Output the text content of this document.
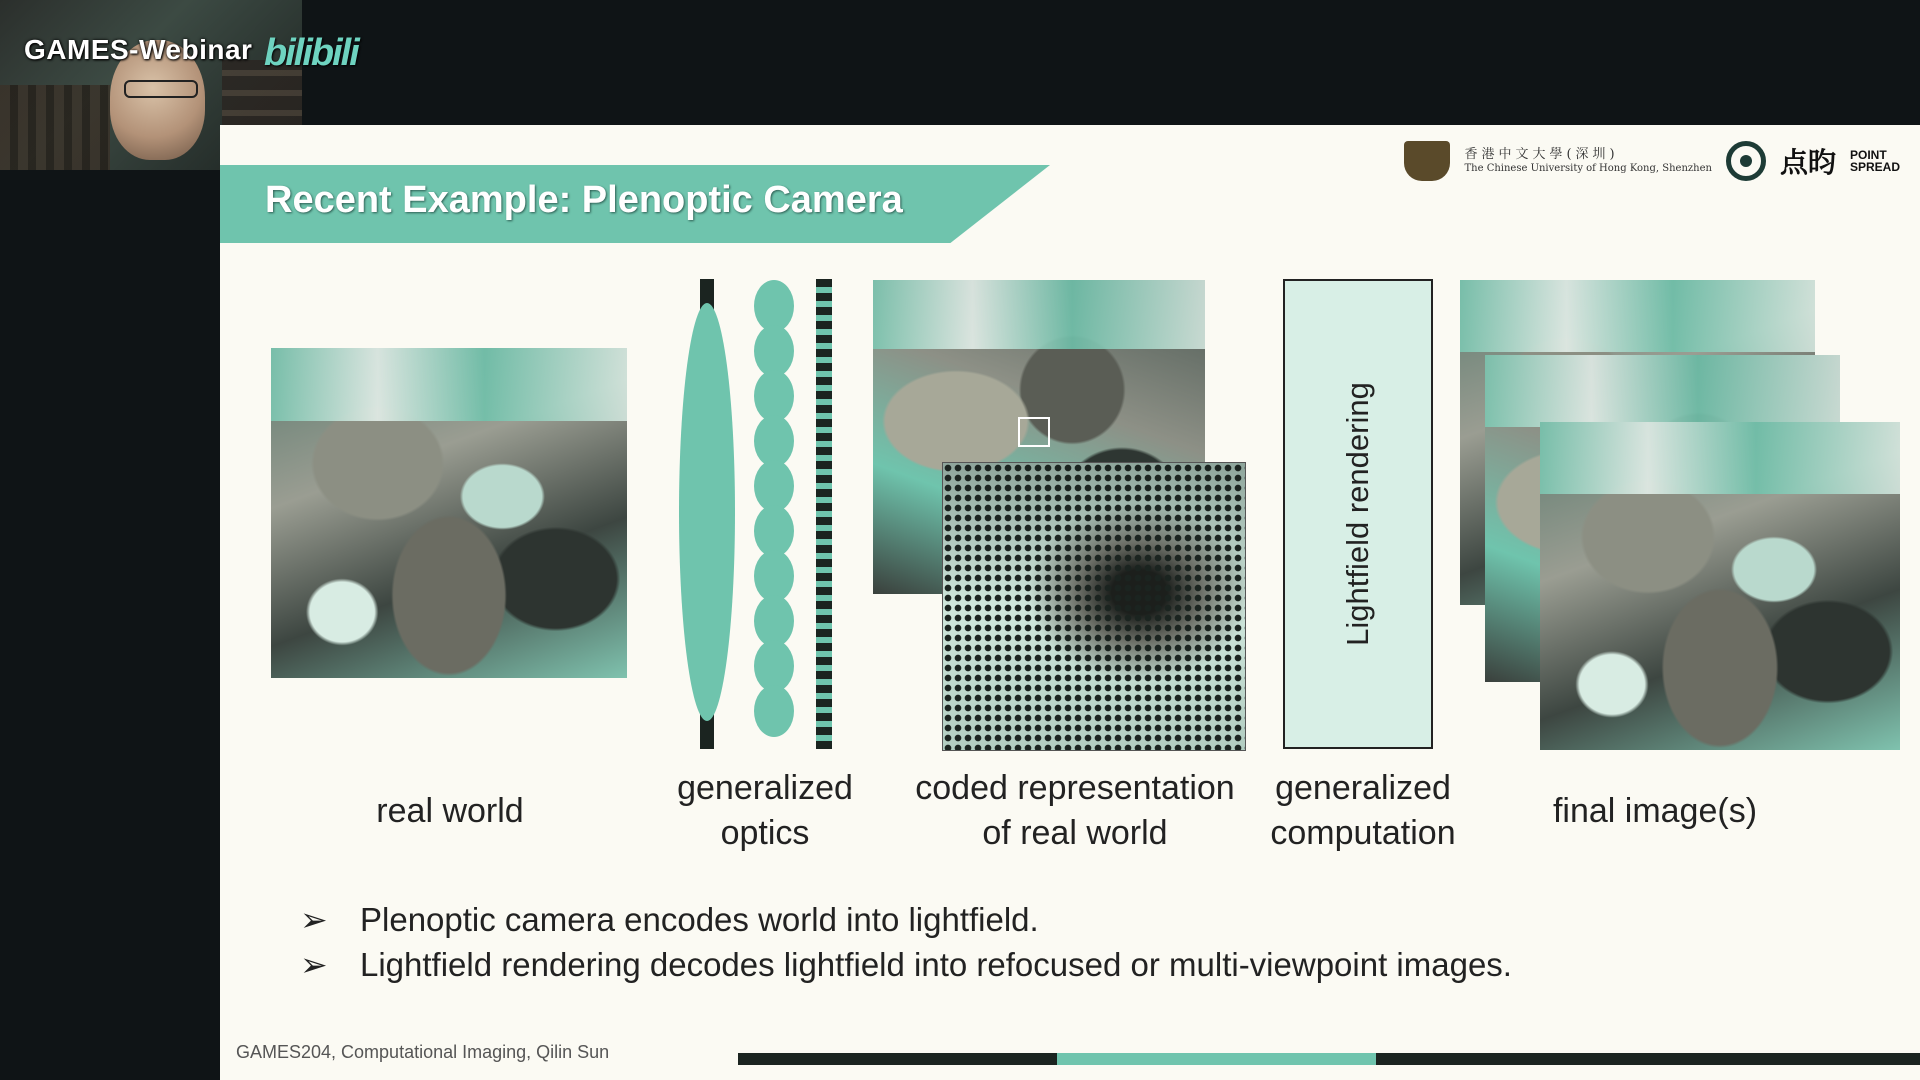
GAMES-Webinar bilibili
香港中文大學(深圳)
The Chinese University of Hong Kong, Shenzhen 点昀 POINT
SPREAD
Recent Example: Plenoptic Camera
Lightfield rendering
real world
generalized
optics
coded representation
of real world
generalized
computation
final image(s)
➢ Plenoptic camera encodes world into lightfield.
➢ Lightfield rendering decodes lightfield into refocused or multi-viewpoint images.
GAMES204, Computational Imaging, Qilin Sun
